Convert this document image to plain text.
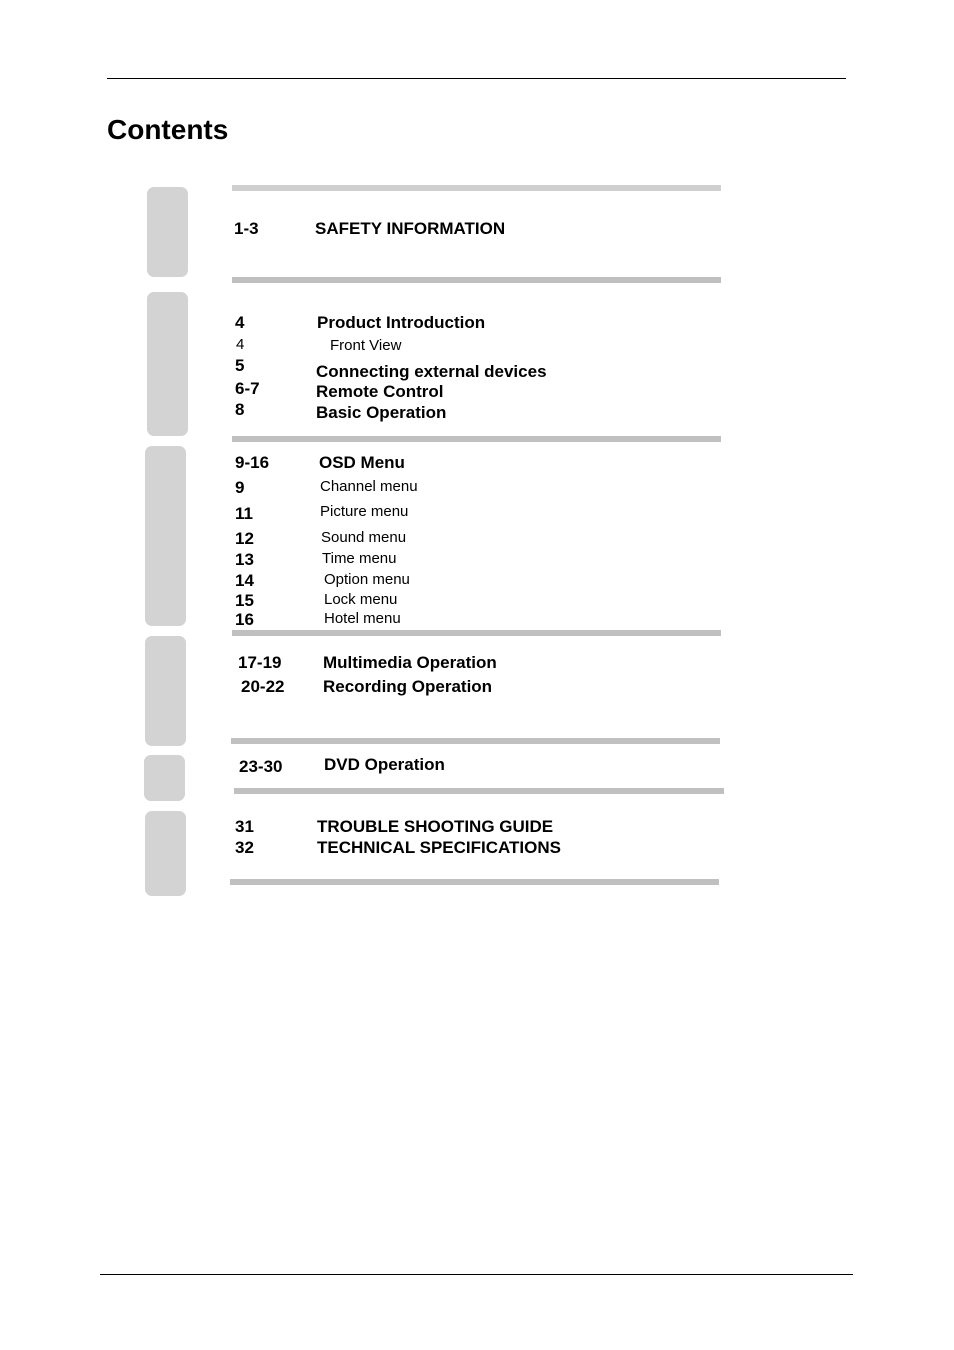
Contents
1-3	SAFETY INFORMATION
4	Product Introduction
4	Front View
5	Connecting external devices
6-7	Remote Control
8	Basic Operation
9-16	OSD Menu
9	Channel menu
11	Picture menu
12	Sound menu
13	Time menu
14	Option menu
15	Lock menu
16	Hotel menu
17-19 Multimedia Operation
20-22 Recording Operation
23-30 DVD Operation
31	TROUBLE SHOOTING GUIDE
32	TECHNICAL SPECIFICATIONS
